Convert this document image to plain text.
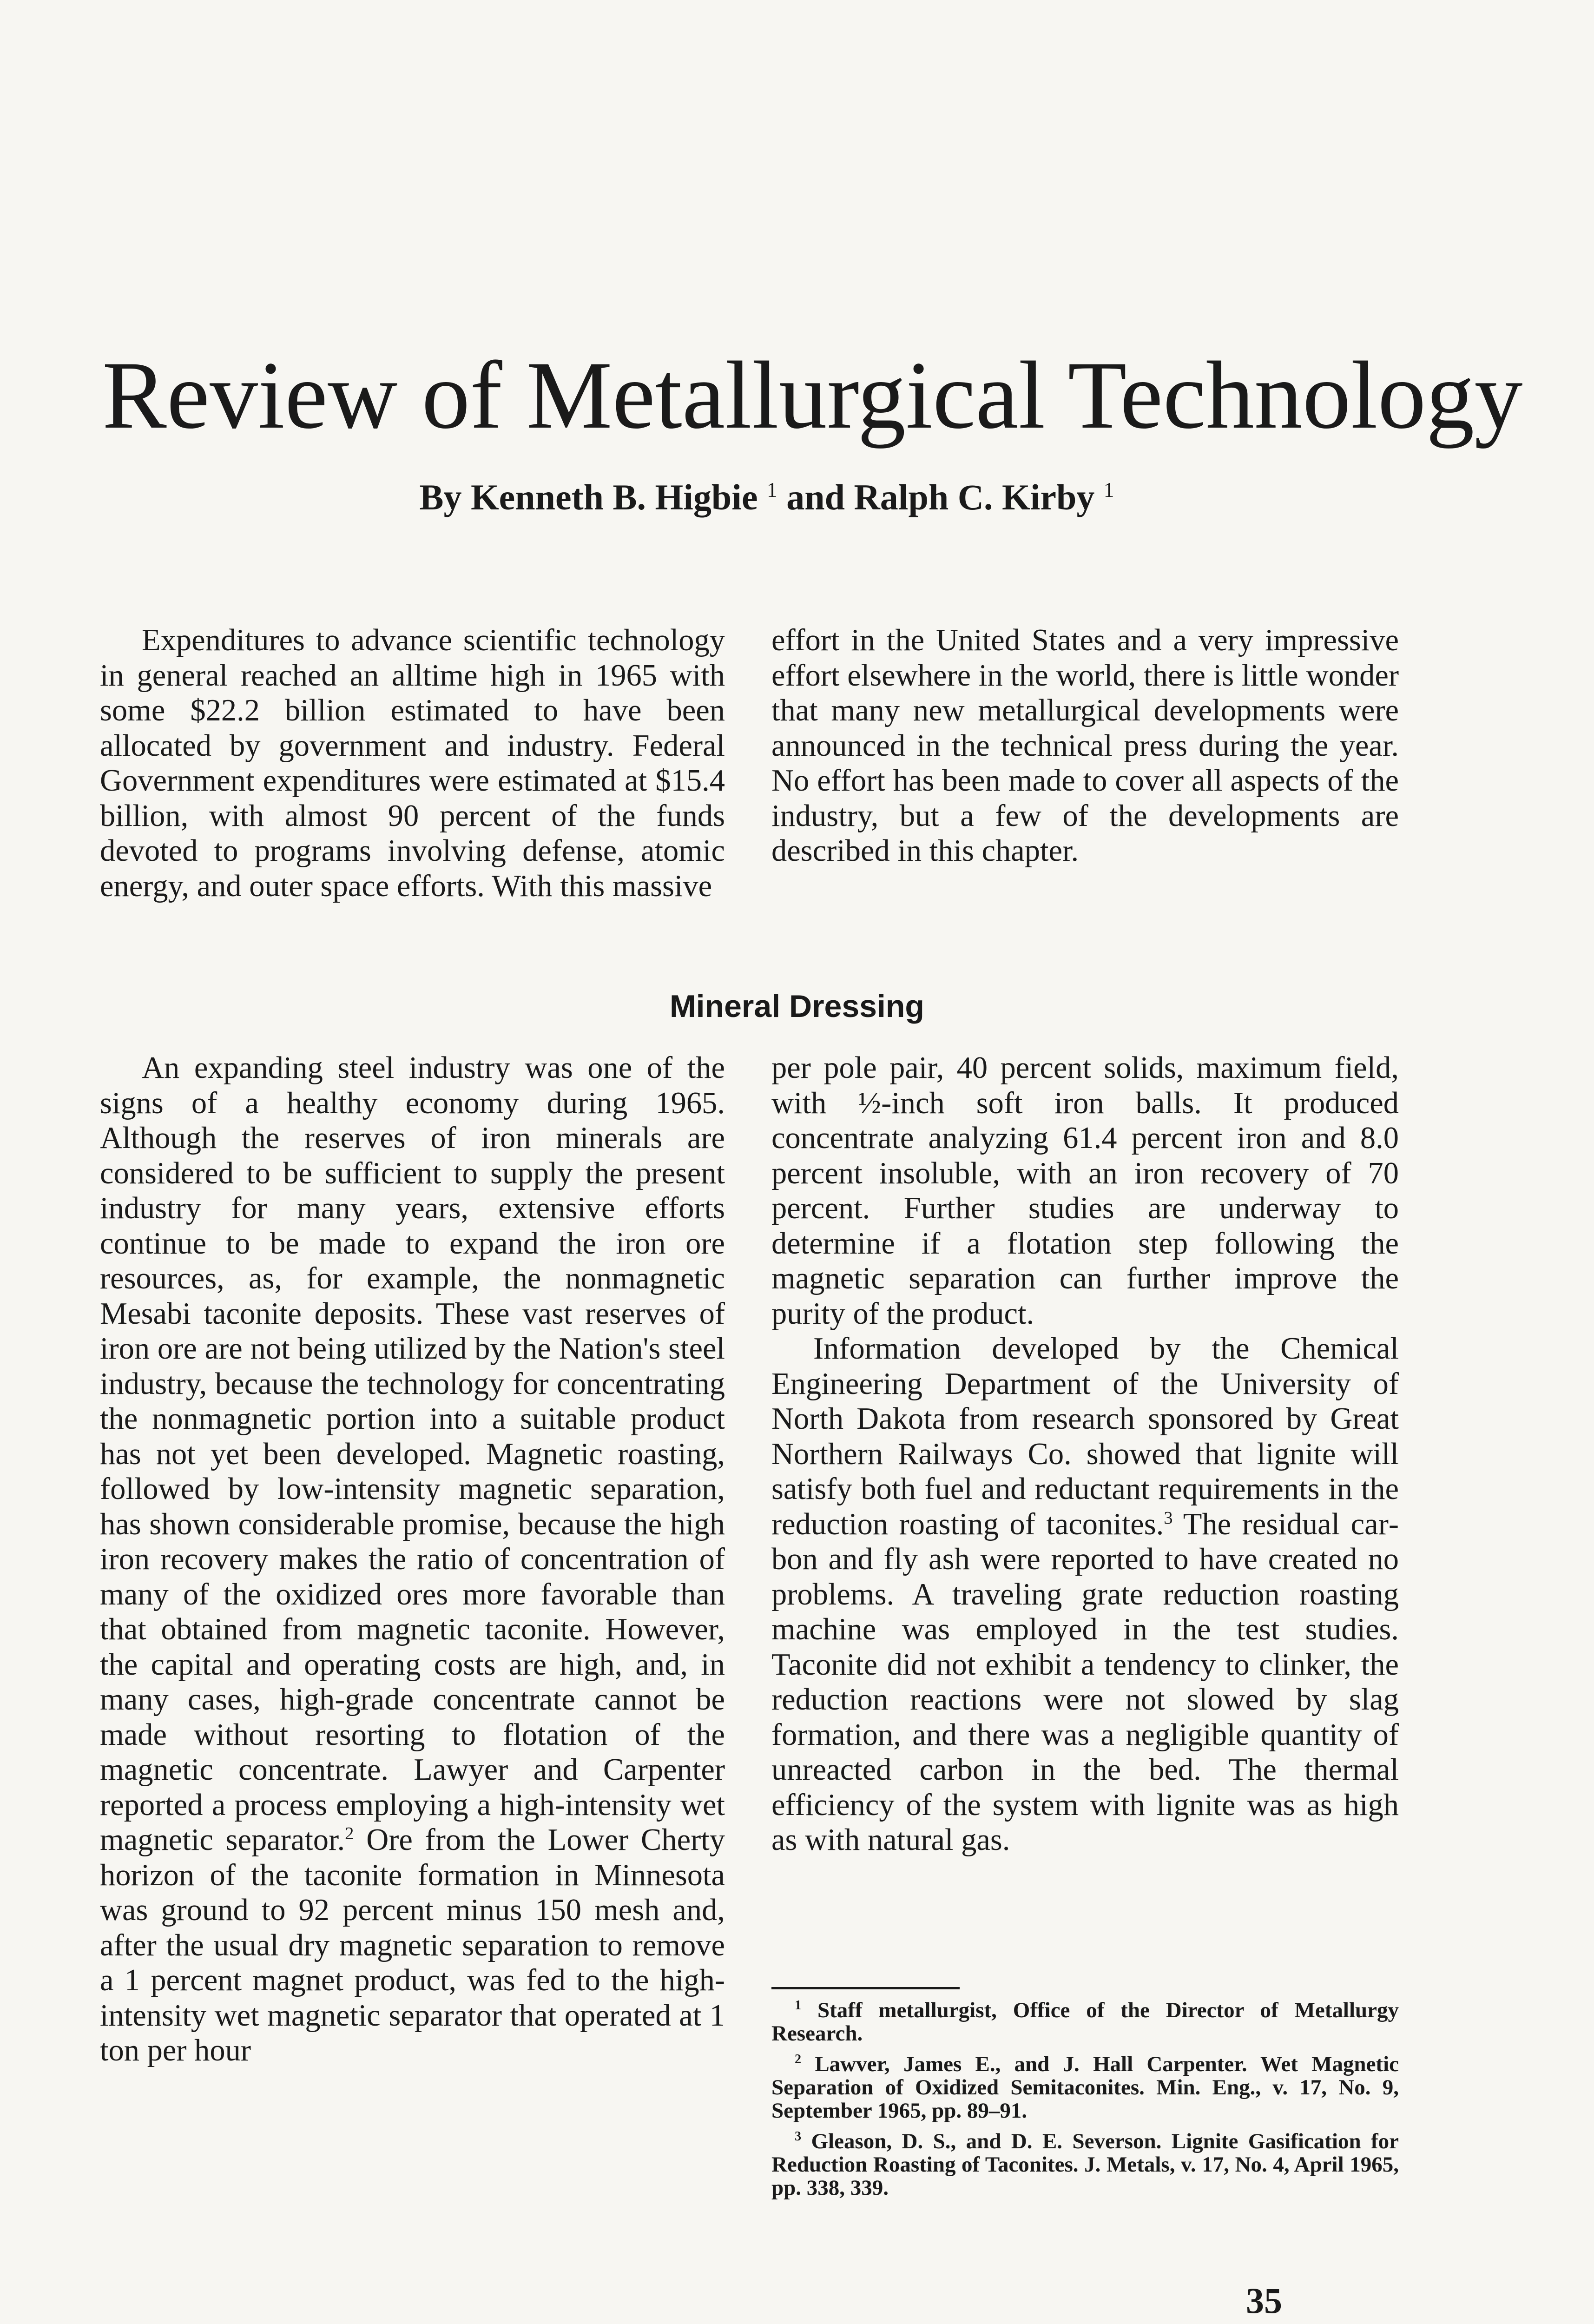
Review of Metallurgical Technology
By Kenneth B. Higbie $^1$ and Ralph C. Kirby $^1$

Expenditures to advance scientific technology in general reached an alltime high in 1965 with some $22.2 billion estimated to have been allocated by government and industry. Federal Government expenditures were estimated at $15.4 billion, with almost 90 percent of the funds devoted to programs involving defense, atomic energy, and outer space efforts. With this massive

effort in the United States and a very impressive effort elsewhere in the world, there is little wonder that many new metallurgical developments were announced in the technical press during the year. No effort has been made to cover all aspects of the industry, but a few of the developments are described in this chapter.

Mineral Dressing

An expanding steel industry was one of the signs of a healthy economy during 1965. Although the reserves of iron minerals are considered to be sufficient to supply the present industry for many years, extensive efforts continue to be made to expand the iron ore resources, as, for example, the nonmagnetic Mesabi taconite deposits. These vast reserves of iron ore are not being utilized by the Nation's steel industry, because the technology for concentrating the nonmagnetic portion into a suitable product has not yet been developed. Magnetic roasting, followed by low-intensity magnetic separation, has shown considerable promise, because the high iron recovery makes the ratio of concentration of many of the oxidized ores more favorable than that obtained from magnetic taconite. However, the capital and operating costs are high, and, in many cases, high-grade concentrate cannot be made without resorting to flotation of the magnetic concentrate. Lawyer and Carpenter reported a process employing a high-intensity wet magnetic separator.$^2$ Ore from the Lower Cherty horizon of the taconite formation in Minnesota was ground to 92 percent minus 150 mesh and, after the usual dry magnetic separation to remove a 1 percent magnet product, was fed to the high-intensity wet magnetic separator that operated at 1 ton per hour

per pole pair, 40 percent solids, maximum field, with ½-inch soft iron balls. It produced concentrate analyzing 61.4 percent iron and 8.0 percent insoluble, with an iron recovery of 70 percent. Further studies are underway to determine if a flotation step following the magnetic separation can further improve the purity of the product.

Information developed by the Chemical Engineering Department of the University of North Dakota from research sponsored by Great Northern Railways Co. showed that lignite will satisfy both fuel and reductant requirements in the reduction roasting of taconites.$^3$ The residual carbon and fly ash were reported to have created no problems. A traveling grate reduction roasting machine was employed in the test studies. Taconite did not exhibit a tendency to clinker, the reduction reactions were not slowed by slag formation, and there was a negligible quantity of unreacted carbon in the bed. The thermal efficiency of the system with lignite was as high as with natural gas.

$^1$ Staff metallurgist, Office of the Director of Metallurgy Research.

$^2$ Lawver, James E., and J. Hall Carpenter. Wet Magnetic Separation of Oxidized Semitaconites. Min. Eng., v. 17, No. 9, September 1965, pp. 89–91.

$^3$ Gleason, D. S., and D. E. Severson. Lignite Gasification for Reduction Roasting of Taconites. J. Metals, v. 17, No. 4, April 1965, pp. 338, 339.

35
